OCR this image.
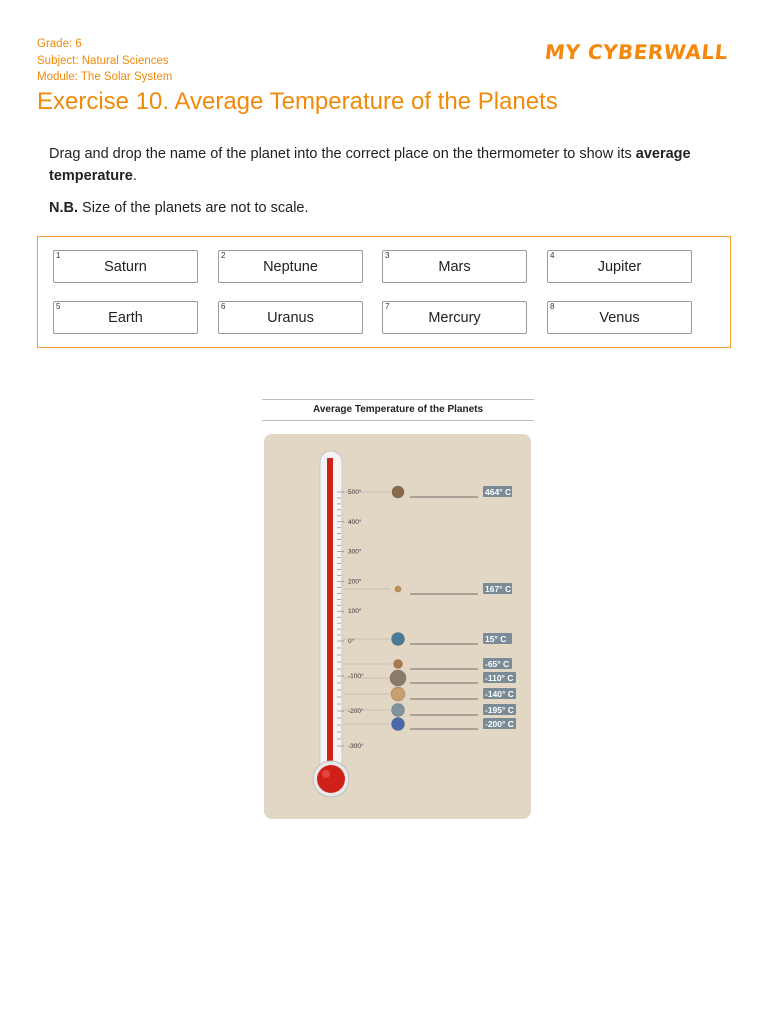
Grade: 6
Subject: Natural Sciences
Module: The Solar System
MY CYBERWALL
Exercise 10. Average Temperature of the Planets
Drag and drop the name of the planet into the correct place on the thermometer to show its average temperature.
N.B. Size of the planets are not to scale.
1
Saturn
2
Neptune
3
Mars
4
Jupiter
5
Earth
6
Uranus
7
Mercury
8
Venus
Average Temperature of the Planets
500°
400°
300°
200°
100°
0°
-100°
-200°
-300°
464° C
167° C
15° C
-65° C
-110° C
-140° C
-195° C
-200° C
